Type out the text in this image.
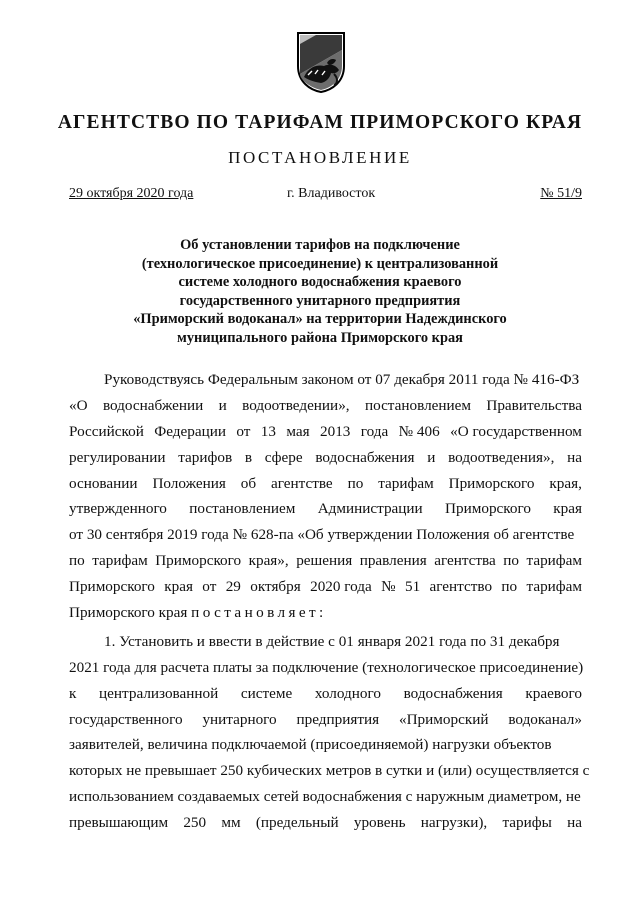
АГЕНТСТВО ПО ТАРИФАМ ПРИМОРСКОГО КРАЯ
ПОСТАНОВЛЕНИЕ
29 октября 2020 года	г. Владивосток	№ 51/9
Об установлении тарифов на подключение
(технологическое присоединение) к централизованной
системе холодного водоснабжения краевого
государственного унитарного предприятия
«Приморский водоканал» на территории Надеждинского
муниципального района Приморского края
Руководствуясь Федеральным законом от 07 декабря 2011 года № 416-ФЗ
«О водоснабжении и водоотведении», постановлением Правительства
Российской Федерации от 13 мая 2013 года № 406 «О государственном
регулировании тарифов в сфере водоснабжения и водоотведения», на
основании Положения об агентстве по тарифам Приморского края,
утвержденного постановлением Администрации Приморского края
от 30 сентября 2019 года № 628-па «Об утверждении Положения об агентстве
по тарифам Приморского края», решения правления агентства по тарифам
Приморского края от 29 октября 2020 года № 51 агентство по тарифам
Приморского края
постановляет:
1. Установить и ввести в действие с 01 января 2021 года по 31 декабря
2021 года для расчета платы за подключение (технологическое присоединение)
к централизованной системе холодного водоснабжения краевого
государственного унитарного предприятия «Приморский водоканал»
заявителей, величина подключаемой (присоединяемой) нагрузки объектов
которых не превышает 250 кубических метров в сутки и (или) осуществляется с
использованием создаваемых сетей водоснабжения с наружным диаметром, не
превышающим 250 мм (предельный уровень нагрузки), тарифы на
